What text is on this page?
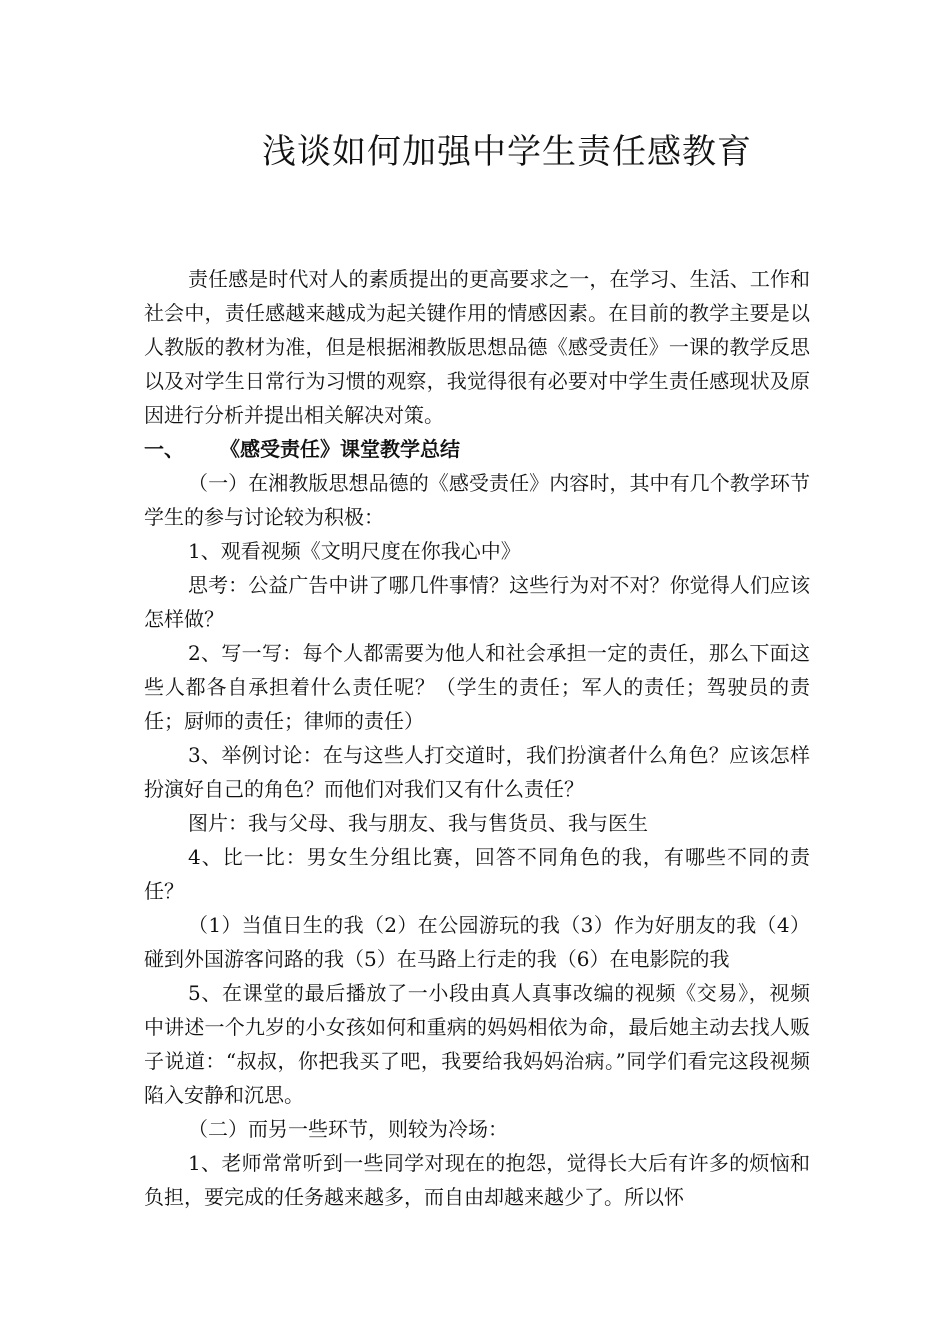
浅谈如何加强中学生责任感教育

责任感是时代对人的素质提出的更高要求之一，在学习、生活、工作和社会中，责任感越来越成为起关键作用的情感因素。在目前的教学主要是以人教版的教材为准，但是根据湘教版思想品德《感受责任》一课的教学反思以及对学生日常行为习惯的观察，我觉得很有必要对中学生责任感现状及原因进行分析并提出相关解决对策。

一、 《感受责任》课堂教学总结

（一）在湘教版思想品德的《感受责任》内容时，其中有几个教学环节学生的参与讨论较为积极：

1、观看视频《文明尺度在你我心中》

思考：公益广告中讲了哪几件事情？这些行为对不对？你觉得人们应该怎样做？

2、写一写：每个人都需要为他人和社会承担一定的责任，那么下面这些人都各自承担着什么责任呢？（学生的责任；军人的责任；驾驶员的责任；厨师的责任；律师的责任）

3、举例讨论：在与这些人打交道时，我们扮演者什么角色？应该怎样扮演好自己的角色？而他们对我们又有什么责任？

图片：我与父母、我与朋友、我与售货员、我与医生

4、比一比：男女生分组比赛，回答不同角色的我，有哪些不同的责任？

（1）当值日生的我（2）在公园游玩的我（3）作为好朋友的我（4）碰到外国游客问路的我（5）在马路上行走的我（6）在电影院的我

5、在课堂的最后播放了一小段由真人真事改编的视频《交易》，视频中讲述一个九岁的小女孩如何和重病的妈妈相依为命，最后她主动去找人贩子说道：“叔叔，你把我买了吧，我要给我妈妈治病。”同学们看完这段视频陷入安静和沉思。

（二）而另一些环节，则较为冷场：

1、老师常常听到一些同学对现在的抱怨，觉得长大后有许多的烦恼和负担，要完成的任务越来越多，而自由却越来越少了。所以怀
